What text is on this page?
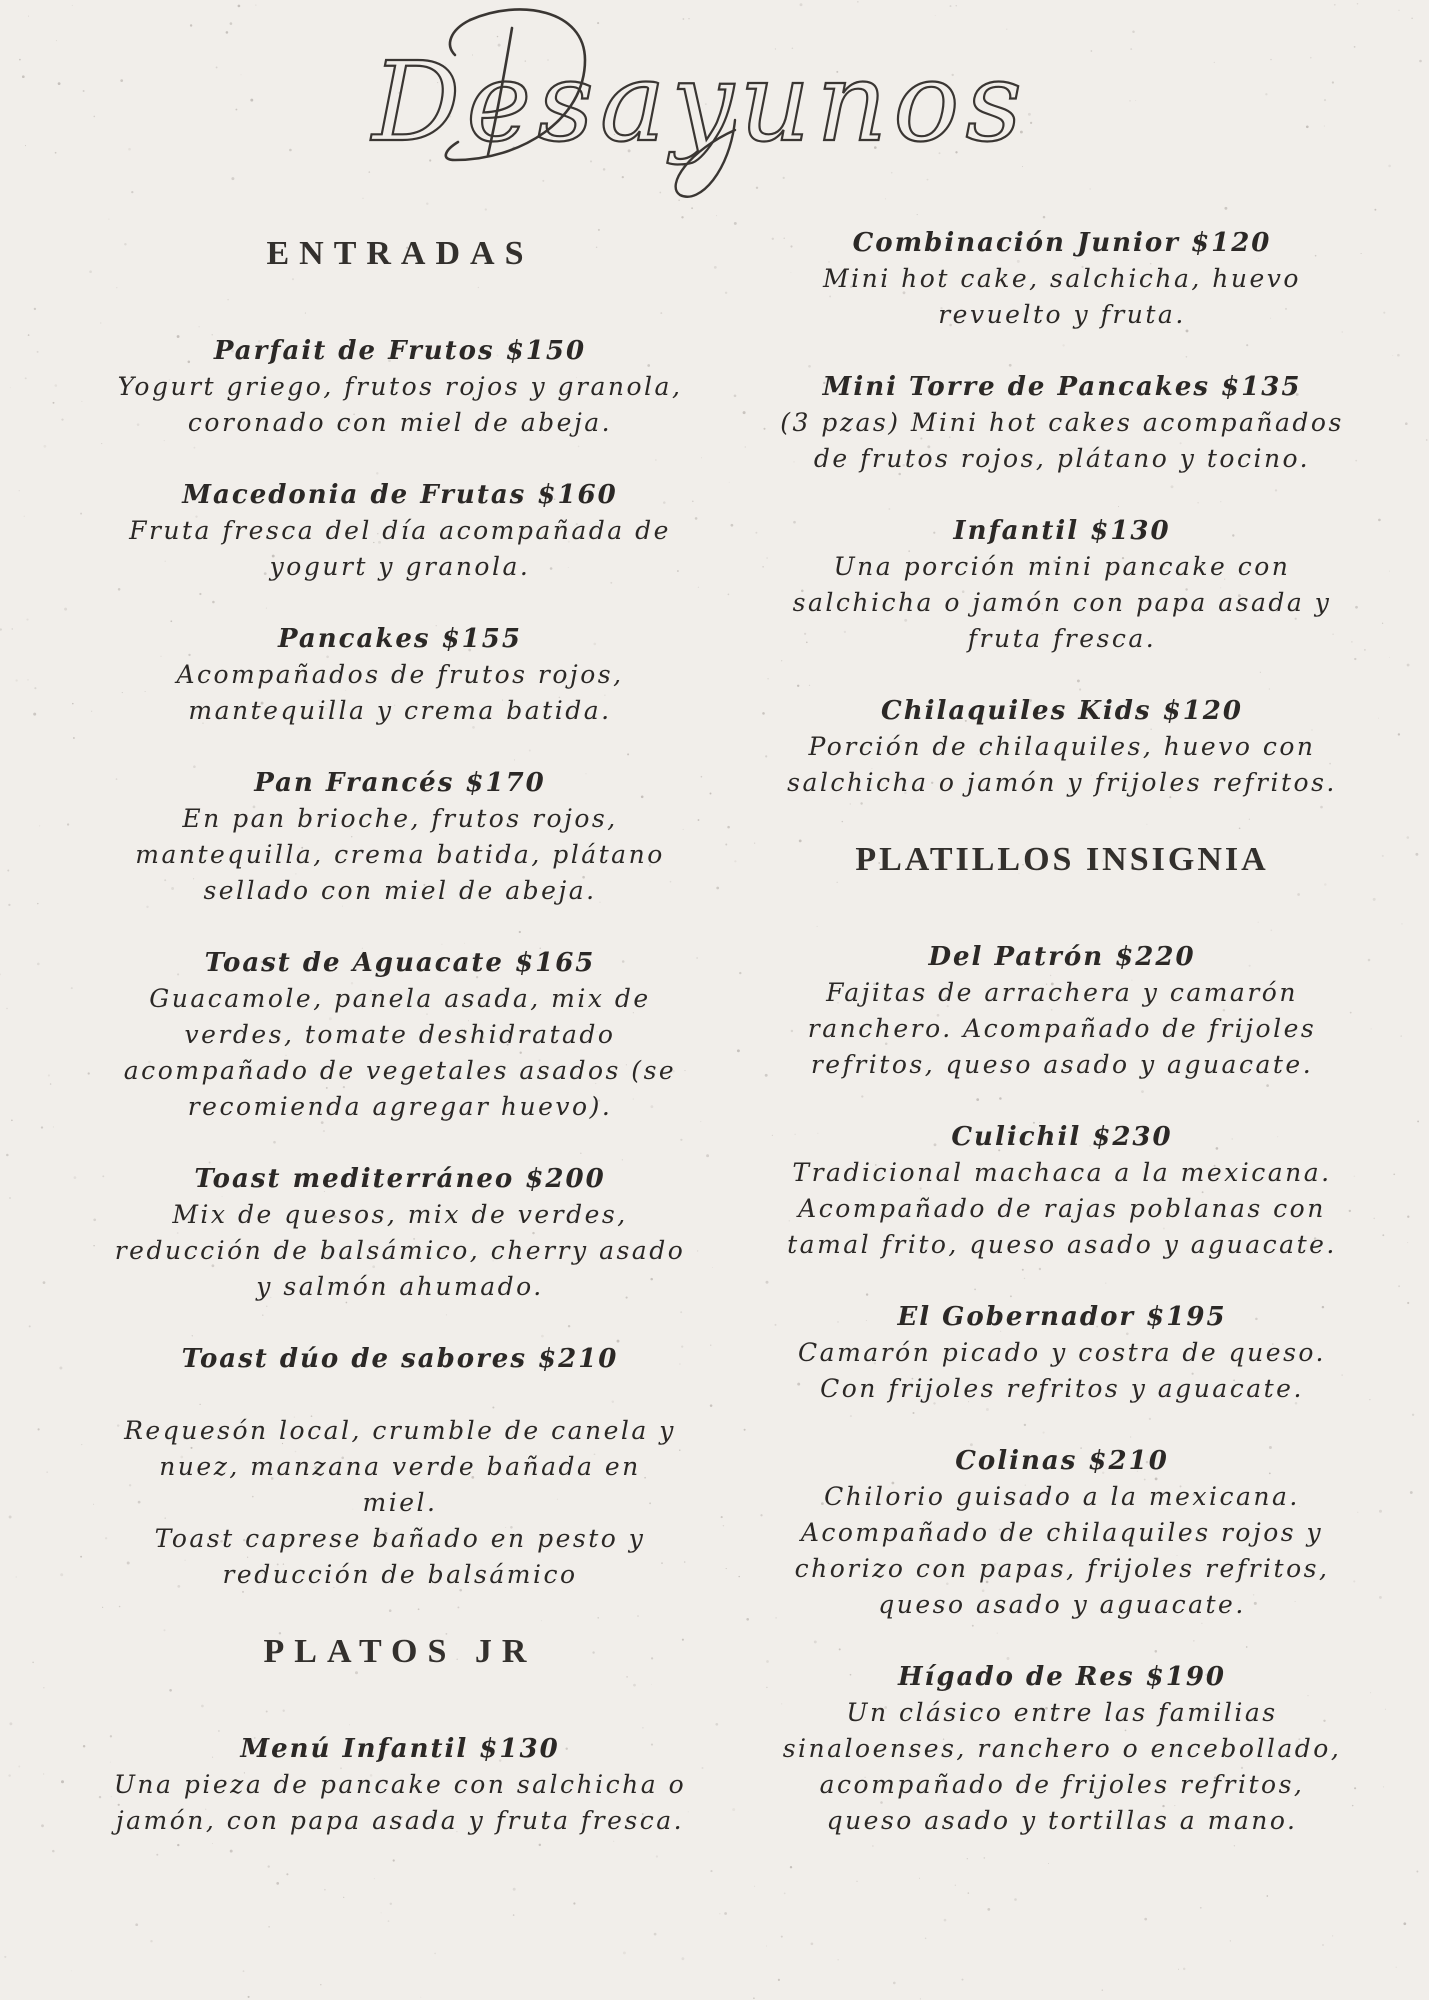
Desayunos
ENTRADAS
Parfait de Frutos $150
Yogurt griego, frutos rojos y granola,
coronado con miel de abeja.
Macedonia de Frutas $160
Fruta fresca del día acompañada de
yogurt y granola.
Pancakes $155
Acompañados de frutos rojos,
mantequilla y crema batida.
Pan Francés $170
En pan brioche, frutos rojos,
mantequilla, crema batida, plátano
sellado con miel de abeja.
Toast de Aguacate $165
Guacamole, panela asada, mix de
verdes, tomate deshidratado
acompañado de vegetales asados (se
recomienda agregar huevo).
Toast mediterráneo $200
Mix de quesos, mix de verdes,
reducción de balsámico, cherry asado
y salmón ahumado.
Toast dúo de sabores $210
Requesón local, crumble de canela y
nuez, manzana verde bañada en
miel.
Toast caprese bañado en pesto y
reducción de balsámico
PLATOS JR
Menú Infantil $130
Una pieza de pancake con salchicha o
jamón, con papa asada y fruta fresca.
Combinación Junior $120
Mini hot cake, salchicha, huevo
revuelto y fruta.
Mini Torre de Pancakes $135
(3 pzas) Mini hot cakes acompañados
de frutos rojos, plátano y tocino.
Infantil $130
Una porción mini pancake con
salchicha o jamón con papa asada y
fruta fresca.
Chilaquiles Kids $120
Porción de chilaquiles, huevo con
salchicha o jamón y frijoles refritos.
PLATILLOS INSIGNIA
Del Patrón $220
Fajitas de arrachera y camarón
ranchero. Acompañado de frijoles
refritos, queso asado y aguacate.
Culichil $230
Tradicional machaca a la mexicana.
Acompañado de rajas poblanas con
tamal frito, queso asado y aguacate.
El Gobernador $195
Camarón picado y costra de queso.
Con frijoles refritos y aguacate.
Colinas $210
Chilorio guisado a la mexicana.
Acompañado de chilaquiles rojos y
chorizo con papas, frijoles refritos,
queso asado y aguacate.
Hígado de Res $190
Un clásico entre las familias
sinaloenses, ranchero o encebollado,
acompañado de frijoles refritos,
queso asado y tortillas a mano.
